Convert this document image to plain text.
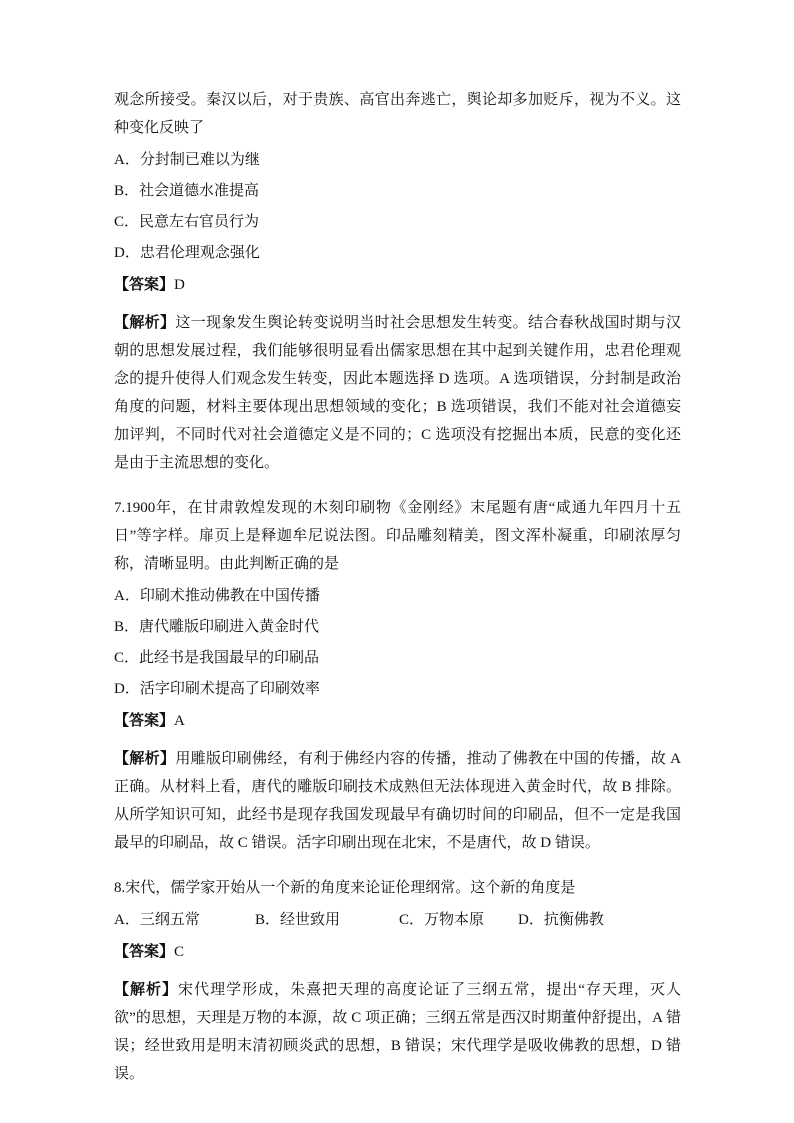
观念所接受。秦汉以后，对于贵族、高官出奔逃亡，舆论却多加贬斥，视为不义。这种变化反映了

A．分封制已难以为继
B．社会道德水准提高
C．民意左右官员行为
D．忠君伦理观念强化

【答案】D

【解析】这一现象发生舆论转变说明当时社会思想发生转变。结合春秋战国时期与汉朝的思想发展过程，我们能够很明显看出儒家思想在其中起到关键作用，忠君伦理观念的提升使得人们观念发生转变，因此本题选择 D 选项。A 选项错误，分封制是政治角度的问题，材料主要体现出思想领域的变化；B 选项错误，我们不能对社会道德妄加评判，不同时代对社会道德定义是不同的；C 选项没有挖掘出本质，民意的变化还是由于主流思想的变化。

7.1900年，在甘肃敦煌发现的木刻印刷物《金刚经》末尾题有唐“咸通九年四月十五日”等字样。扉页上是释迦牟尼说法图。印品雕刻精美，图文浑朴凝重，印刷浓厚匀称，清晰显明。由此判断正确的是

A．印刷术推动佛教在中国传播
B．唐代雕版印刷进入黄金时代
C．此经书是我国最早的印刷品
D．活字印刷术提高了印刷效率

【答案】A

【解析】用雕版印刷佛经，有利于佛经内容的传播，推动了佛教在中国的传播，故 A 正确。从材料上看，唐代的雕版印刷技术成熟但无法体现进入黄金时代，故 B 排除。从所学知识可知，此经书是现存我国发现最早有确切时间的印刷品，但不一定是我国最早的印刷品，故 C 错误。活字印刷出现在北宋，不是唐代，故 D 错误。

8.宋代，儒学家开始从一个新的角度来论证伦理纲常。这个新的角度是

A．三纲五常	B．经世致用	C．万物本原	D．抗衡佛教

【答案】C

【解析】宋代理学形成，朱熹把天理的高度论证了三纲五常，提出“存天理，灭人欲”的思想，天理是万物的本源，故 C 项正确；三纲五常是西汉时期董仲舒提出，A 错误；经世致用是明末清初顾炎武的思想，B 错误；宋代理学是吸收佛教的思想，D 错误。
